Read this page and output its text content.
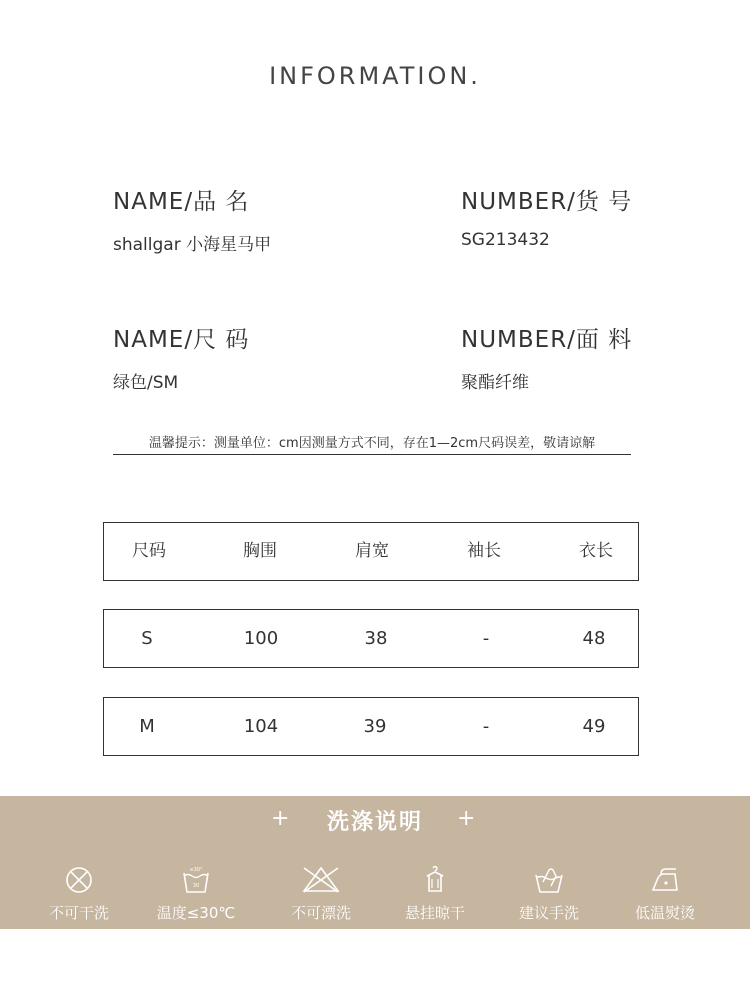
INFORMATION.
NAME/品 名
shallgar 小海星马甲
NUMBER/货 号
SG213432
NAME/尺 码
绿色/SM
NUMBER/面 料
聚酯纤维
温馨提示：测量单位：cm因测量方式不同，存在1—2cm尺码误差，敬请谅解
尺码	胸围	肩宽	袖长	衣长
S	100	38	-	48
M	104	39	-	49
+	洗涤说明	+
不可干洗
≤30°
30
温度≤30℃	不可漂洗	悬挂晾干	建议手洗	低温熨烫
